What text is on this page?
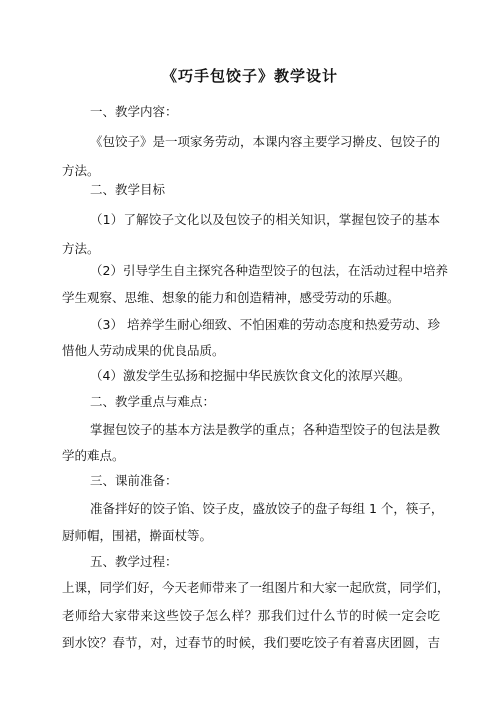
《巧手包饺子》教学设计
一、教学内容：
《包饺子》是一项家务劳动，本课内容主要学习擀皮、包饺子的
方法。
二、教学目标
（1）了解饺子文化以及包饺子的相关知识，掌握包饺子的基本
方法。
（2）引导学生自主探究各种造型饺子的包法，在活动过程中培养
学生观察、思维、想象的能力和创造精神，感受劳动的乐趣。
（3） 培养学生耐心细致、不怕困难的劳动态度和热爱劳动、珍
惜他人劳动成果的优良品质。
（4）激发学生弘扬和挖掘中华民族饮食文化的浓厚兴趣。
二、教学重点与难点：
掌握包饺子的基本方法是教学的重点；各种造型饺子的包法是教
学的难点。
三、课前准备：
准备拌好的饺子馅、饺子皮，盛放饺子的盘子每组 1 个，筷子，
厨师帽，围裙，擀面杖等。
五、教学过程：
上课，同学们好，今天老师带来了一组图片和大家一起欣赏，同学们，
老师给大家带来这些饺子怎么样？那我们过什么节的时候一定会吃
到水饺？春节，对，过春节的时候，我们要吃饺子有着喜庆团圆，吉
